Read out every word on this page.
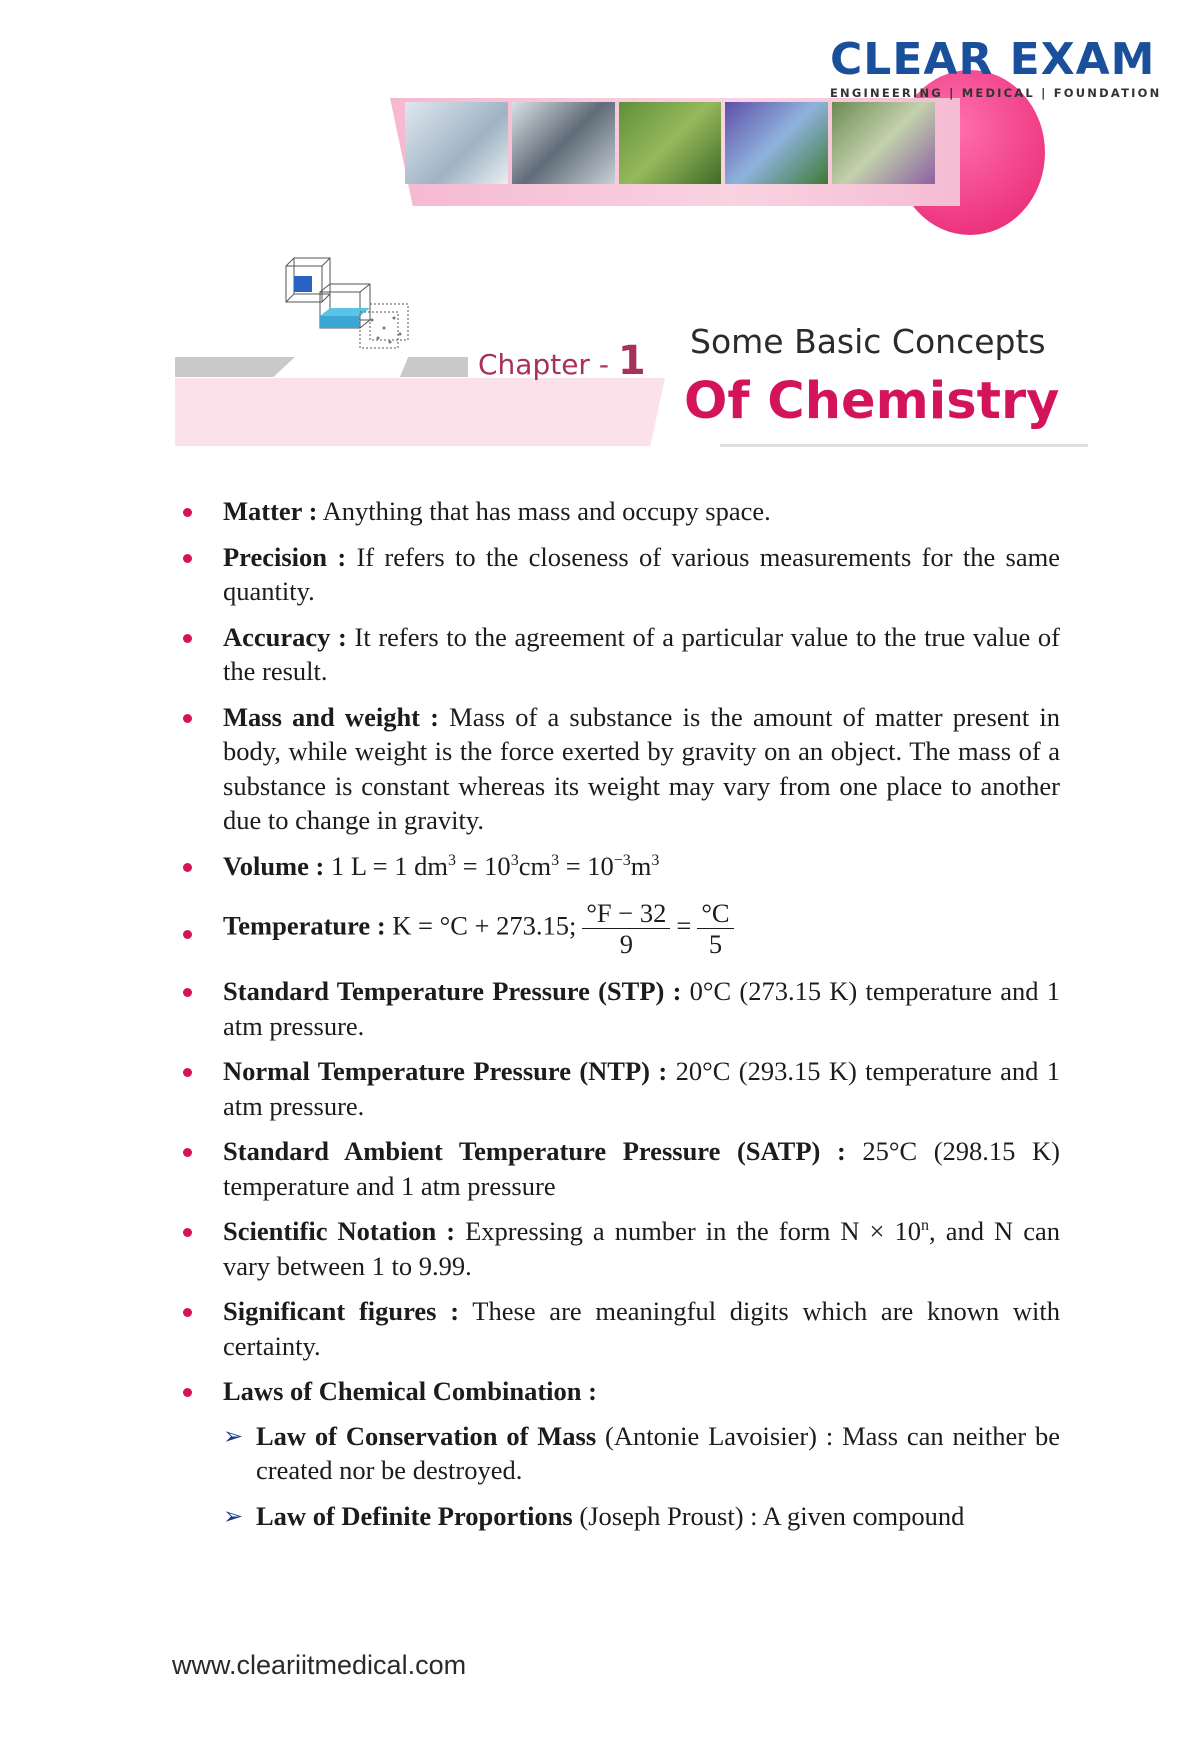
CLEAR EXAM
ENGINEERING | MEDICAL | FOUNDATION
Chapter - 1 Some Basic Concepts
Of Chemistry
Matter : Anything that has mass and occupy space.
Precision : If refers to the closeness of various measurements for the same quantity.
Accuracy : It refers to the agreement of a particular value to the true value of the result.
Mass and weight : Mass of a substance is the amount of matter present in body, while weight is the force exerted by gravity on an object. The mass of a substance is constant whereas its weight may vary from one place to another due to change in gravity.
Volume : 1 L = 1 $dm^3 = 10^3cm^3 = 10^{-3}m^3$
Temperature : K = °C + 273.15; $\frac{^\circ F - 32}{9} = \frac{^\circ C}{5}$
Standard Temperature Pressure (STP) : 0°C (273.15 K) temperature and 1 atm pressure.
Normal Temperature Pressure (NTP) : 20°C (293.15 K) temperature and 1 atm pressure.
Standard Ambient Temperature Pressure (SATP) : 25°C (298.15 K) temperature and 1 atm pressure
Scientific Notation : Expressing a number in the form $N \times 10^n$, and N can vary between 1 to 9.99.
Significant figures : These are meaningful digits which are known with certainty.
Laws of Chemical Combination :
➢ Law of Conservation of Mass (Antonie Lavoisier) : Mass can neither be created nor be destroyed.
➢ Law of Definite Proportions (Joseph Proust) : A given compound
www.cleariitmedical.com
